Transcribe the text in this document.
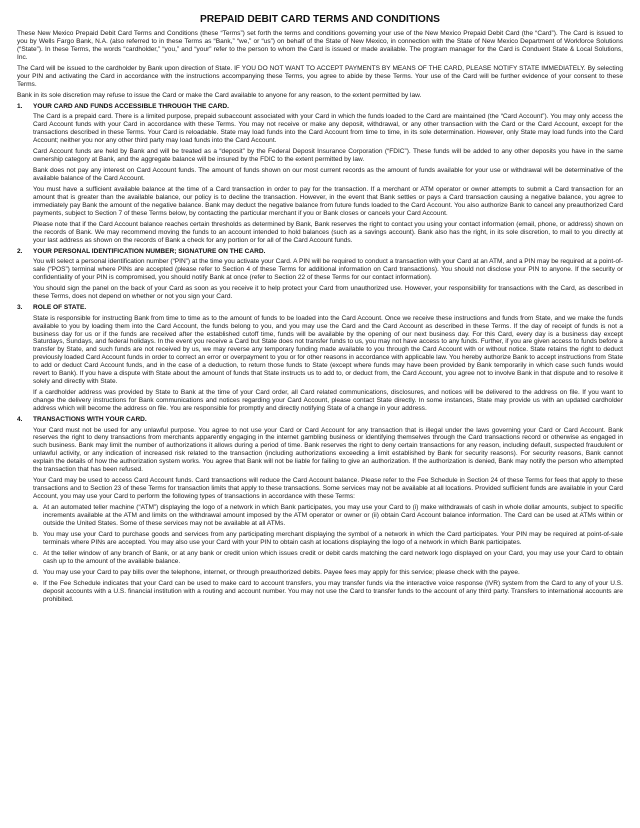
PREPAID DEBIT CARD TERMS AND CONDITIONS

These New Mexico Prepaid Debit Card Terms and Conditions (these “Terms”) set forth the terms and conditions governing your use of the New Mexico Prepaid Debit Card (the “Card”). The Card is issued to you by Wells Fargo Bank, N.A. (also referred to in these Terms as “Bank,” “we,” or “us”) on behalf of the State of New Mexico, in connection with the State of New Mexico Department of Workforce Solutions (“State”). In these Terms, the words “cardholder,” “you,” and “your” refer to the person to whom the Card is issued or made available. The program manager for the Card is Conduent State & Local Solutions, Inc.

The Card will be issued to the cardholder by Bank upon direction of State. IF YOU DO NOT WANT TO ACCEPT PAYMENTS BY MEANS OF THE CARD, PLEASE NOTIFY STATE IMMEDIATELY. By selecting your PIN and activating the Card in accordance with the instructions accompanying these Terms, you agree to abide by these Terms. Your use of the Card will be further evidence of your consent to these Terms.

Bank in its sole discretion may refuse to issue the Card or make the Card available to anyone for any reason, to the extent permitted by law.

1.	YOUR CARD AND FUNDS ACCESSIBLE THROUGH THE CARD.

The Card is a prepaid card. There is a limited purpose, prepaid subaccount associated with your Card in which the funds loaded to the Card are maintained (the “Card Account”). You may only access the Card Account funds with your Card in accordance with these Terms. You may not receive or make any deposit, withdrawal, or any other transaction with the Card or the Card Account, except for the transactions described in these Terms. Your Card is reloadable. State may load funds into the Card Account from time to time, in its sole determination. However, only State may load funds into the Card Account; neither you nor any other third party may load funds into the Card Account.

Card Account funds are held by Bank and will be treated as a “deposit” by the Federal Deposit Insurance Corporation (“FDIC”). These funds will be added to any other deposits you have in the same ownership category at Bank, and the aggregate balance will be insured by the FDIC to the extent permitted by law.

Bank does not pay any interest on Card Account funds. The amount of funds shown on our most current records as the amount of funds available for your use or withdrawal will be determinative of the available balance of the Card Account.

You must have a sufficient available balance at the time of a Card transaction in order to pay for the transaction. If a merchant or ATM operator or owner attempts to submit a Card transaction for an amount that is greater than the available balance, our policy is to decline the transaction. However, in the event that Bank settles or pays a Card transaction causing a negative balance, you agree to immediately pay Bank the amount of the negative balance. Bank may deduct the negative balance from future funds loaded to the Card Account. You also authorize Bank to cancel any preauthorized Card payments, subject to Section 7 of these Terms below, by contacting the particular merchant if you or Bank closes or cancels your Card Account.

Please note that if the Card Account balance reaches certain thresholds as determined by Bank, Bank reserves the right to contact you using your contact information (email, phone, or address) shown on the records of Bank. We may recommend moving the funds to an account intended to hold balances (such as a savings account). Bank also has the right, in its sole discretion, to mail to you directly at your last address as shown on the records of Bank a check for any portion or for all of the Card Account funds.

2.	YOUR PERSONAL IDENTIFICATION NUMBER; SIGNATURE ON THE CARD.

You will select a personal identification number (“PIN”) at the time you activate your Card. A PIN will be required to conduct a transaction with your Card at an ATM, and a PIN may be required at a point-of-sale (“POS”) terminal where PINs are accepted (please refer to Section 4 of these Terms for additional information on Card transactions). You should not disclose your PIN to anyone. If the security or confidentiality of your PIN is compromised, you should notify Bank at once (refer to Section 22 of these Terms for our contact information).

You should sign the panel on the back of your Card as soon as you receive it to help protect your Card from unauthorized use. However, your responsibility for transactions with the Card, as described in these Terms, does not depend on whether or not you sign your Card.

3.	ROLE OF STATE.

State is responsible for instructing Bank from time to time as to the amount of funds to be loaded into the Card Account. Once we receive these instructions and funds from State, and we make the funds available to you by loading them into the Card Account, the funds belong to you, and you may use the Card and the Card Account as described in these Terms. If the day of receipt of funds is not a business day for us or if the funds are received after the established cutoff time, funds will be available by the opening of our next business day. For this Card, every day is a business day except Saturdays, Sundays, and federal holidays. In the event you receive a Card but State does not transfer funds to us, you may not have access to any funds. Further, if you are given access to funds before a transfer by State, and such funds are not received by us, we may reverse any temporary funding made available to you through the Card Account with or without notice. State retains the right to deduct previously loaded Card Account funds in order to correct an error or overpayment to you or for other reasons in accordance with applicable law. You hereby authorize Bank to accept instructions from State to add or deduct Card Account funds, and in the case of a deduction, to return those funds to State (except where funds may have been provided by Bank temporarily in which case such funds would revert to Bank). If you have a dispute with State about the amount of funds that State instructs us to add to, or deduct from, the Card Account, you agree not to involve Bank in that dispute and to resolve it solely and directly with State.

If a cardholder address was provided by State to Bank at the time of your Card order, all Card related communications, disclosures, and notices will be delivered to the address on file. If you want to change the delivery instructions for Bank communications and notices regarding your Card Account, please contact State directly. In some instances, State may provide us with an updated cardholder address which will become the address on file. You are responsible for promptly and directly notifying State of a change in your address.

4.	TRANSACTIONS WITH YOUR CARD.

Your Card must not be used for any unlawful purpose. You agree to not use your Card or Card Account for any transaction that is illegal under the laws governing your Card or Card Account. Bank reserves the right to deny transactions from merchants apparently engaging in the internet gambling business or identifying themselves through the Card transactions record or otherwise as engaged in such business. Bank may limit the number of authorizations it allows during a period of time. Bank reserves the right to deny certain transactions for any reason, including default, suspected fraudulent or unlawful activity, or any indication of increased risk related to the transaction (including authorizations exceeding a limit established by Bank for security reasons). For security reasons, Bank cannot explain the details of how the authorization system works. You agree that Bank will not be liable for failing to give an authorization. If the authorization is denied, Bank may notify the person who attempted the transaction that has been refused.

Your Card may be used to access Card Account funds. Card transactions will reduce the Card Account balance. Please refer to the Fee Schedule in Section 24 of these Terms for fees that apply to these transactions and to Section 23 of these Terms for transaction limits that apply to these transactions. Some services may not be available at all locations. Provided sufficient funds are available in your Card Account, you may use your Card to perform the following types of transactions in accordance with these Terms:

a. At an automated teller machine (“ATM”) displaying the logo of a network in which Bank participates, you may use your Card to (i) make withdrawals of cash in whole dollar amounts, subject to specific increments available at the ATM and limits on the withdrawal amount imposed by the ATM operator or owner or (ii) obtain Card Account balance information. The Card can be used at ATMs within or outside the United States. Some of these services may not be available at all ATMs.
b. You may use your Card to purchase goods and services from any participating merchant displaying the symbol of a network in which the Card participates. Your PIN may be required at point-of-sale terminals where PINs are accepted. You may also use your Card with your PIN to obtain cash at locations displaying the logo of a network in which Bank participates.
c. At the teller window of any branch of Bank, or at any bank or credit union which issues credit or debit cards matching the card network logo displayed on your Card, you may use your Card to obtain cash up to the amount of the available balance.
d. You may use your Card to pay bills over the telephone, internet, or through preauthorized debits. Payee fees may apply for this service; please check with the payee.
e. If the Fee Schedule indicates that your Card can be used to make card to account transfers, you may transfer funds via the interactive voice response (IVR) system from the Card to any of your U.S. deposit accounts with a U.S. financial institution with a routing and account number. You may not use the Card to transfer funds to the account of any third party. Transfers to international accounts are prohibited.
